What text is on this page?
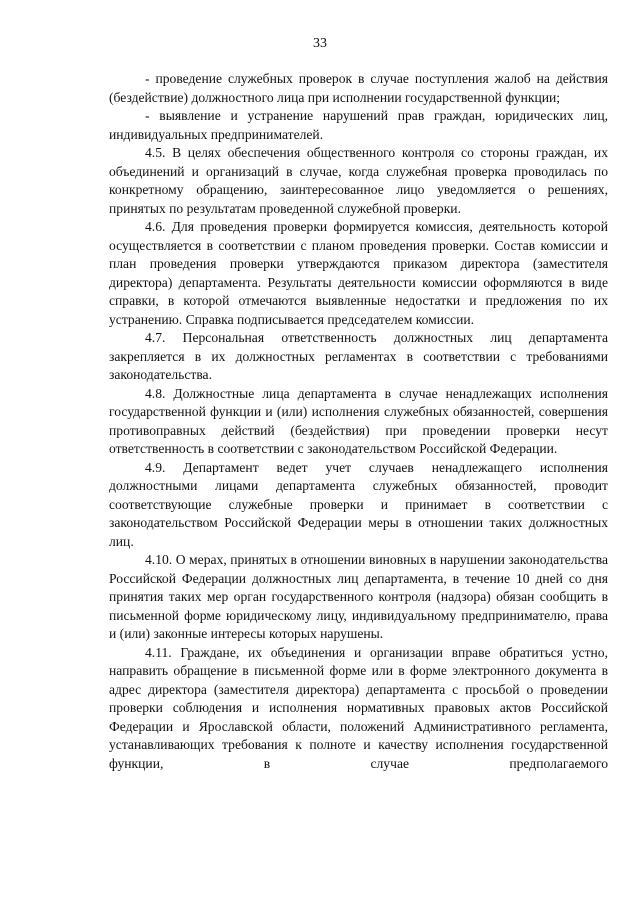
33

- проведение служебных проверок в случае поступления жалоб на действия (бездействие) должностного лица при исполнении государственной функции;

- выявление и устранение нарушений прав граждан, юридических лиц, индивидуальных предпринимателей.

4.5. В целях обеспечения общественного контроля со стороны граждан, их объединений и организаций в случае, когда служебная проверка проводилась по конкретному обращению, заинтересованное лицо уведомляется о решениях, принятых по результатам проведенной служебной проверки.

4.6. Для проведения проверки формируется комиссия, деятельность которой осуществляется в соответствии с планом проведения проверки. Состав комиссии и план проведения проверки утверждаются приказом директора (заместителя директора) департамента. Результаты деятельности комиссии оформляются в виде справки, в которой отмечаются выявленные недостатки и предложения по их устранению. Справка подписывается председателем комиссии.

4.7. Персональная ответственность должностных лиц департамента закрепляется в их должностных регламентах в соответствии с требованиями законодательства.

4.8. Должностные лица департамента в случае ненадлежащих исполнения государственной функции и (или) исполнения служебных обязанностей, совершения противоправных действий (бездействия) при проведении проверки несут ответственность в соответствии с законодательством Российской Федерации.

4.9. Департамент ведет учет случаев ненадлежащего исполнения должностными лицами департамента служебных обязанностей, проводит соответствующие служебные проверки и принимает в соответствии с законодательством Российской Федерации меры в отношении таких должностных лиц.

4.10. О мерах, принятых в отношении виновных в нарушении законодательства Российской Федерации должностных лиц департамента, в течение 10 дней со дня принятия таких мер орган государственного контроля (надзора) обязан сообщить в письменной форме юридическому лицу, индивидуальному предпринимателю, права и (или) законные интересы которых нарушены.

4.11. Граждане, их объединения и организации вправе обратиться устно, направить обращение в письменной форме или в форме электронного документа в адрес директора (заместителя директора) департамента с просьбой о проведении проверки соблюдения и исполнения нормативных правовых актов Российской Федерации и Ярославской области, положений Административного регламента, устанавливающих требования к полноте и качеству исполнения государственной функции, в случае предполагаемого
